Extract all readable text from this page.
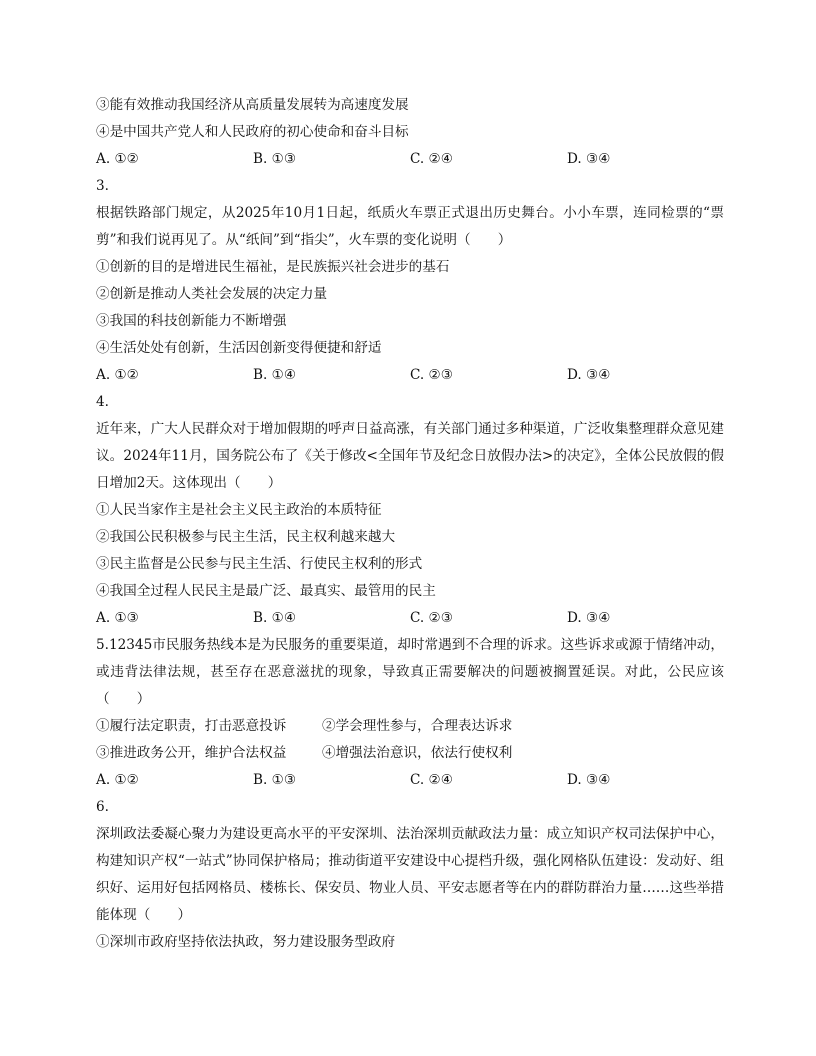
③能有效推动我国经济从高质量发展转为高速度发展
④是中国共产党人和人民政府的初心使命和奋斗目标
A. ①②	B. ①③	C. ②④	D. ③④
3.
根据铁路部门规定，从2025年10月1日起，纸质火车票正式退出历史舞台。小小车票，连同检票的“票剪”和我们说再见了。从“纸间”到“指尖”，火车票的变化说明（　　）
①创新的目的是增进民生福祉，是民族振兴社会进步的基石
②创新是推动人类社会发展的决定力量
③我国的科技创新能力不断增强
④生活处处有创新，生活因创新变得便捷和舒适
A. ①②	B. ①④	C. ②③	D. ③④
4.
近年来，广大人民群众对于增加假期的呼声日益高涨，有关部门通过多种渠道，广泛收集整理群众意见建议。2024年11月，国务院公布了《关于修改<全国年节及纪念日放假办法>的决定》，全体公民放假的假日增加2天。这体现出（　　）
①人民当家作主是社会主义民主政治的本质特征
②我国公民积极参与民主生活，民主权利越来越大
③民主监督是公民参与民主生活、行使民主权利的形式
④我国全过程人民民主是最广泛、最真实、最管用的民主
A. ①③	B. ①④	C. ②③	D. ③④
5.12345市民服务热线本是为民服务的重要渠道，却时常遇到不合理的诉求。这些诉求或源于情绪冲动，或违背法律法规，甚至存在恶意滋扰的现象，导致真正需要解决的问题被搁置延误。对此，公民应该（　　）
①履行法定职责，打击恶意投诉	②学会理性参与，合理表达诉求
③推进政务公开，维护合法权益	④增强法治意识，依法行使权利
A. ①②	B. ①③	C. ②④	D. ③④
6.
深圳政法委凝心聚力为建设更高水平的平安深圳、法治深圳贡献政法力量：成立知识产权司法保护中心，构建知识产权“一站式”协同保护格局；推动街道平安建设中心提档升级，强化网格队伍建设：发动好、组织好、运用好包括网格员、楼栋长、保安员、物业人员、平安志愿者等在内的群防群治力量……这些举措能体现（　　）
①深圳市政府坚持依法执政，努力建设服务型政府
